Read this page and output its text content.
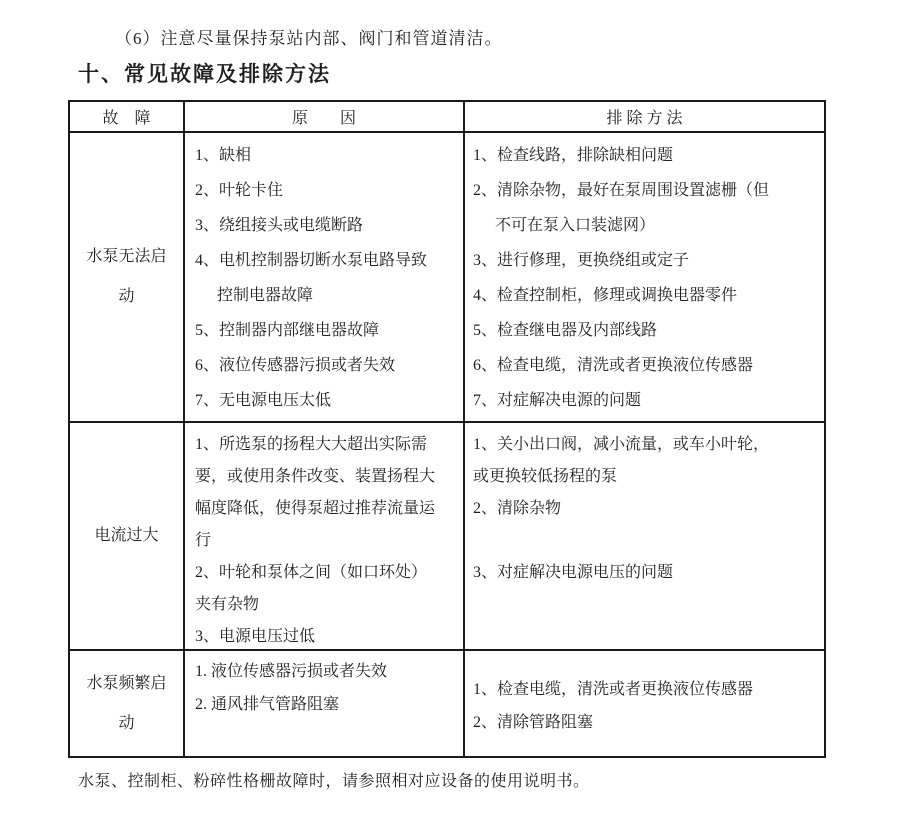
（6）注意尽量保持泵站内部、阀门和管道清洁。
十、常见故障及排除方法
故　障	原　　因	排 除 方 法
水泵无法启
动
1、缺相
2、叶轮卡住
3、绕组接头或电缆断路
4、电机控制器切断水泵电路导致
控制电器故障
5、控制器内部继电器故障
6、液位传感器污损或者失效
7、无电源电压太低
1、检查线路，排除缺相问题
2、清除杂物，最好在泵周围设置滤栅（但
不可在泵入口装滤网）
3、进行修理，更换绕组或定子
4、检查控制柜，修理或调换电器零件
5、检查继电器及内部线路
6、检查电缆，清洗或者更换液位传感器
7、对症解决电源的问题
电流过大
1、所选泵的扬程大大超出实际需
要，或使用条件改变、装置扬程大
幅度降低，使得泵超过推荐流量运
行
2、叶轮和泵体之间（如口环处）
夹有杂物
3、电源电压过低
1、关小出口阀，减小流量，或车小叶轮，
或更换较低扬程的泵
2、清除杂物
3、对症解决电源电压的问题
水泵频繁启
动
1. 液位传感器污损或者失效
2. 通风排气管路阻塞
1、检查电缆，清洗或者更换液位传感器
2、清除管路阻塞
水泵、控制柜、粉碎性格栅故障时，请参照相对应设备的使用说明书。
